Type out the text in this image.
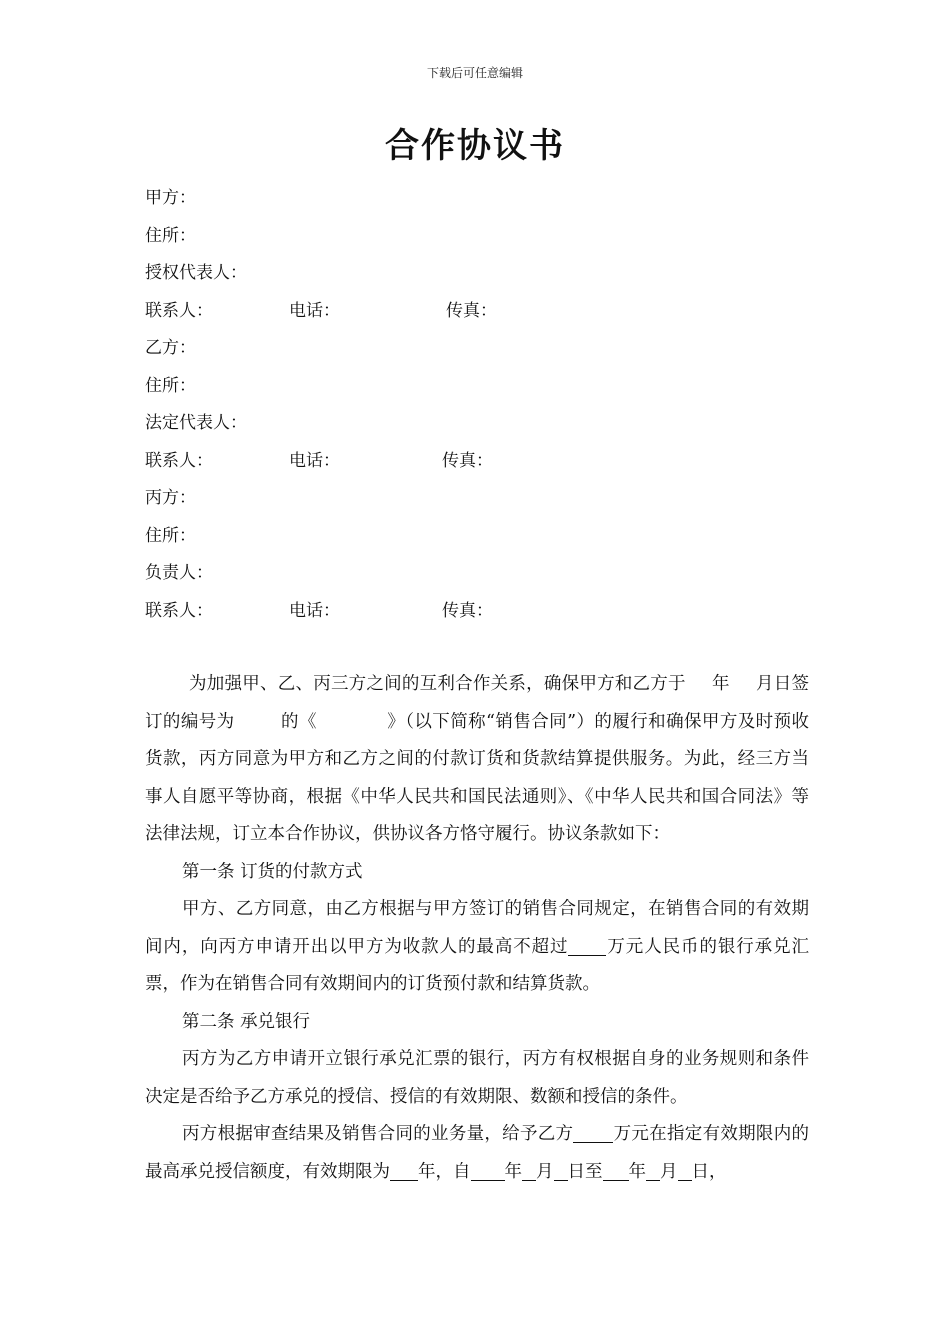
下载后可任意编辑
合作协议书
甲方：
住所：
授权代表人：
联系人：	电话：	传真：
乙方：
住所：
法定代表人：
联系人：	电话：	传真：
丙方：
住所：
负责人：
联系人：	电话：	传真：

为加强甲、乙、丙三方之间的互利合作关系，确保甲方和乙方于 年 月日签订的编号为	的《	》（以下简称“销售合同”）的履行和确保甲方及时预收货款，丙方同意为甲方和乙方之间的付款订货和货款结算提供服务。为此，经三方当事人自愿平等协商，根据《中华人民共和国民法通则》、《中华人民共和国合同法》等法律法规，订立本合作协议，供协议各方恪守履行。协议条款如下：

第一条 订货的付款方式

甲方、乙方同意，由乙方根据与甲方签订的销售合同规定，在销售合同的有效期间内，向丙方申请开出以甲方为收款人的最高不超过 万元人民币的银行承兑汇票，作为在销售合同有效期间内的订货预付款和结算货款。

第二条 承兑银行

丙方为乙方申请开立银行承兑汇票的银行，丙方有权根据自身的业务规则和条件决定是否给予乙方承兑的授信、授信的有效期限、数额和授信的条件。

丙方根据审查结果及销售合同的业务量，给予乙方 万元在指定有效期限内的最高承兑授信额度，有效期限为 年，自 年 月 日至 年 月 日，
